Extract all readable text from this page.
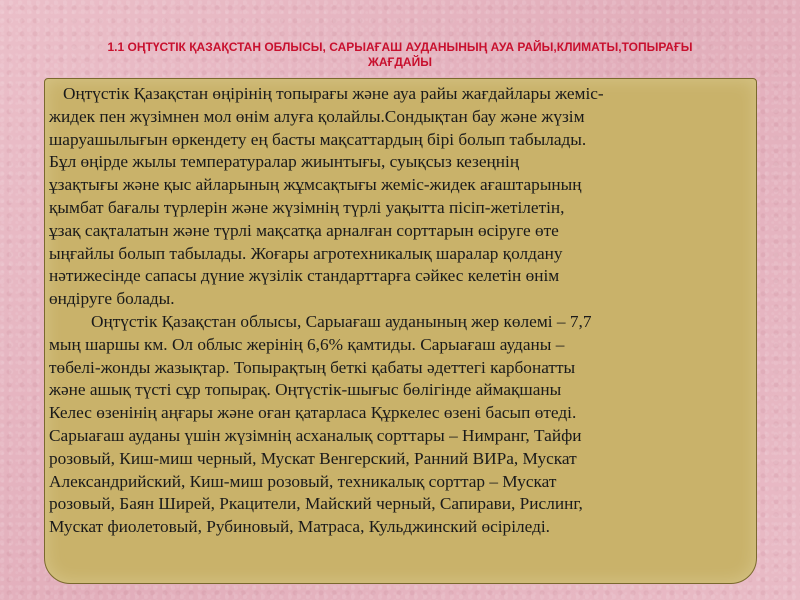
1.1 ОҢТҮСТІК ҚАЗАҚСТАН ОБЛЫСЫ, САРЫАҒАШ АУДАНЫНЫҢ АУА РАЙЫ,КЛИМАТЫ,ТОПЫРАҒЫ
ЖАҒДАЙЫ
Оңтүстік Қазақстан өңірінің топырағы және ауа райы жағдайлары жеміс-
жидек пен жүзімнен мол өнім алуға қолайлы.Сондықтан бау және жүзім
шаруашылығын өркендету ең басты мақсаттардың бірі болып табылады.
Бұл өңірде жылы температуралар жиынтығы, суықсыз кезеңнің
ұзақтығы және қыс айларының жұмсақтығы жеміс-жидек ағаштарының
қымбат бағалы түрлерін және жүзімнің түрлі уақытта пісіп-жетілетін,
ұзақ сақталатын және түрлі мақсатқа арналған сорттарын өсіруге өте
ыңғайлы болып табылады. Жоғары агротехникалық шаралар қолдану
нәтижесінде сапасы дүние жүзілік стандарттарға сәйкес келетін өнім
өндіруге болады.
Оңтүстік Қазақстан облысы, Сарыағаш ауданының жер көлемі – 7,7
мың шаршы км. Ол облыс жерінің 6,6% қамтиды. Сарыағаш ауданы –
төбелі-жонды жазықтар. Топырақтың беткі қабаты әдеттегі карбонатты
және ашық түсті сұр топырақ. Оңтүстік-шығыс бөлігінде аймақшаны
Келес өзенінің аңғары және оған қатарласа Құркелес өзені басып өтеді.
Сарыағаш ауданы үшін жүзімнің асханалық сорттары – Нимранг, Тайфи
розовый, Киш-миш черный, Мускат Венгерский, Ранний ВИРа, Мускат
Александрийский, Киш-миш розовый, техникалық сорттар – Мускат
розовый, Баян Ширей, Ркацители, Майский черный, Сапирави, Рислинг,
Мускат фиолетовый, Рубиновый, Матраса, Кульджинский өсіріледі.
